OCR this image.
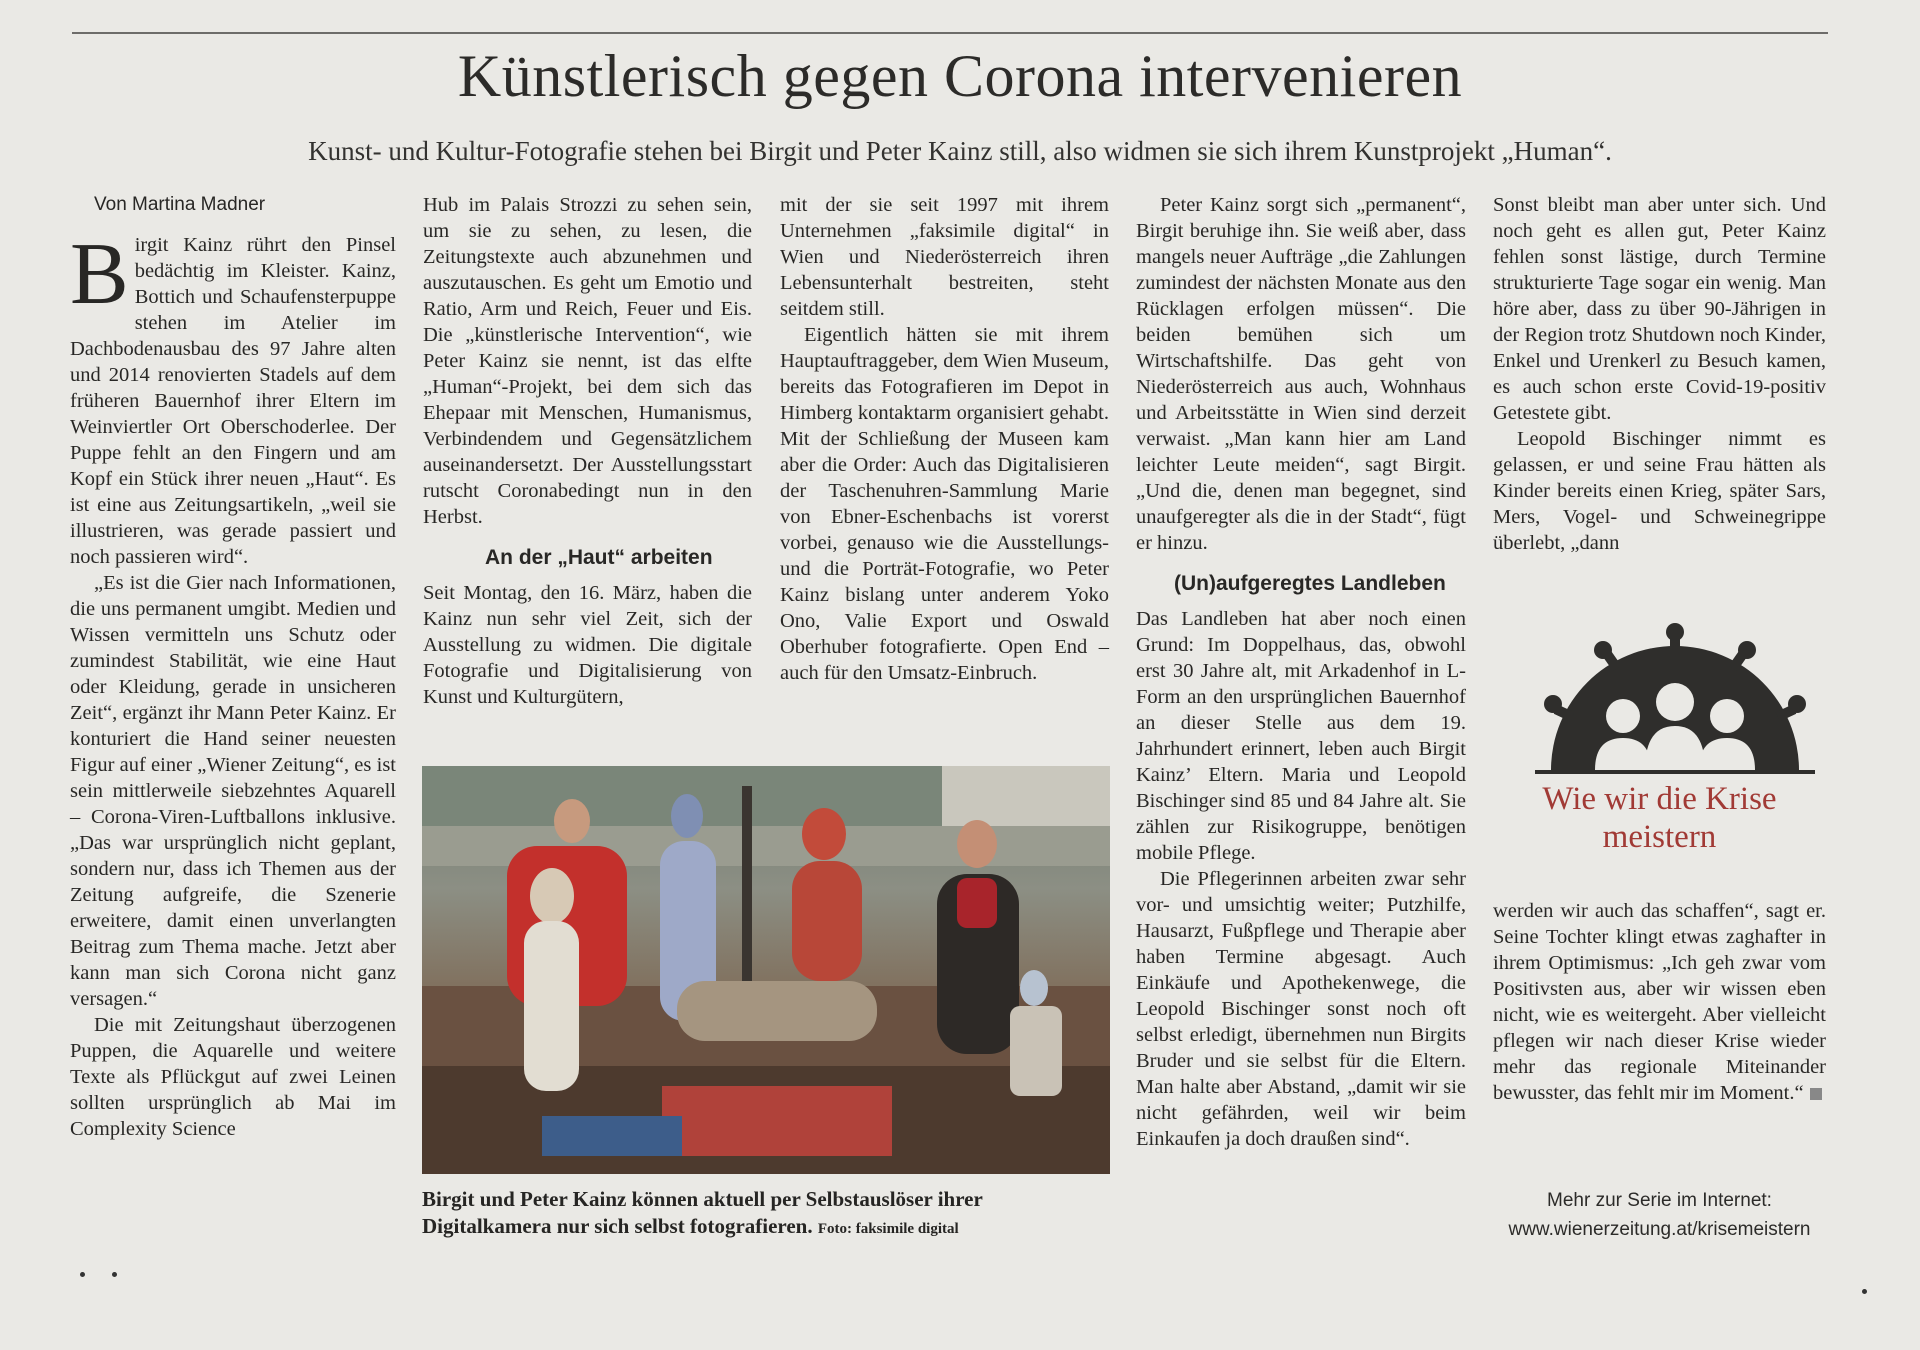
Künstlerisch gegen Corona intervenieren
Kunst- und Kultur-Fotografie stehen bei Birgit und Peter Kainz still, also widmen sie sich ihrem Kunstprojekt „Human“.

Von Martina Madner

Birgit Kainz rührt den Pinsel bedächtig im Kleister. Kainz, Bottich und Schaufensterpuppe stehen im Atelier im Dachbodenausbau des 97 Jahre alten und 2014 renovierten Stadels auf dem früheren Bauernhof ihrer Eltern im Weinviertler Ort Oberschoderlee. Der Puppe fehlt an den Fingern und am Kopf ein Stück ihrer neuen „Haut“. Es ist eine aus Zeitungsartikeln, „weil sie illustrieren, was gerade passiert und noch passieren wird“.

„Es ist die Gier nach Informationen, die uns permanent umgibt. Medien und Wissen vermitteln uns Schutz oder zumindest Stabilität, wie eine Haut oder Kleidung, gerade in unsicheren Zeit“, ergänzt ihr Mann Peter Kainz. Er konturiert die Hand seiner neuesten Figur auf einer „Wiener Zeitung“, es ist sein mittlerweile siebzehntes Aquarell – Corona-Viren-Luftballons inklusive. „Das war ursprünglich nicht geplant, sondern nur, dass ich Themen aus der Zeitung aufgreife, die Szenerie erweitere, damit einen unverlangten Beitrag zum Thema mache. Jetzt aber kann man sich Corona nicht ganz versagen.“

Die mit Zeitungshaut überzogenen Puppen, die Aquarelle und weitere Texte als Pflückgut auf zwei Leinen sollten ursprünglich ab Mai im Complexity Science

Hub im Palais Strozzi zu sehen sein, um sie zu sehen, zu lesen, die Zeitungstexte auch abzunehmen und auszutauschen. Es geht um Emotio und Ratio, Arm und Reich, Feuer und Eis. Die „künstlerische Intervention“, wie Peter Kainz sie nennt, ist das elfte „Human“-Projekt, bei dem sich das Ehepaar mit Menschen, Humanismus, Verbindendem und Gegensätzlichem auseinandersetzt. Der Ausstellungsstart rutscht Coronabedingt nun in den Herbst.

An der „Haut“ arbeiten

Seit Montag, den 16. März, haben die Kainz nun sehr viel Zeit, sich der Ausstellung zu widmen. Die digitale Fotografie und Digitalisierung von Kunst und Kulturgütern,

mit der sie seit 1997 mit ihrem Unternehmen „faksimile digital“ in Wien und Niederösterreich ihren Lebensunterhalt bestreiten, steht seitdem still.

Eigentlich hätten sie mit ihrem Hauptauftraggeber, dem Wien Museum, bereits das Fotografieren im Depot in Himberg kontaktarm organisiert gehabt. Mit der Schließung der Museen kam aber die Order: Auch das Digitalisieren der Taschenuhren-Sammlung Marie von Ebner-Eschenbachs ist vorerst vorbei, genauso wie die Ausstellungs- und die Porträt-Fotografie, wo Peter Kainz bislang unter anderem Yoko Ono, Valie Export und Oswald Oberhuber fotografierte. Open End – auch für den Umsatz-Einbruch.

Birgit und Peter Kainz können aktuell per Selbstauslöser ihrer Digitalkamera nur sich selbst fotografieren. Foto: faksimile digital

Peter Kainz sorgt sich „permanent“, Birgit beruhige ihn. Sie weiß aber, dass mangels neuer Aufträge „die Zahlungen zumindest der nächsten Monate aus den Rücklagen erfolgen müssen“. Die beiden bemühen sich um Wirtschaftshilfe. Das geht von Niederösterreich aus auch, Wohnhaus und Arbeitsstätte in Wien sind derzeit verwaist. „Man kann hier am Land leichter Leute meiden“, sagt Birgit. „Und die, denen man begegnet, sind unaufgeregter als die in der Stadt“, fügt er hinzu.

(Un)aufgeregtes Landleben

Das Landleben hat aber noch einen Grund: Im Doppelhaus, das, obwohl erst 30 Jahre alt, mit Arkadenhof in L-Form an den ursprünglichen Bauernhof an dieser Stelle aus dem 19. Jahrhundert erinnert, leben auch Birgit Kainz’ Eltern. Maria und Leopold Bischinger sind 85 und 84 Jahre alt. Sie zählen zur Risikogruppe, benötigen mobile Pflege.

Die Pflegerinnen arbeiten zwar sehr vor- und umsichtig weiter; Putzhilfe, Hausarzt, Fußpflege und Therapie aber haben Termine abgesagt. Auch Einkäufe und Apothekenwege, die Leopold Bischinger sonst noch oft selbst erledigt, übernehmen nun Birgits Bruder und sie selbst für die Eltern. Man halte aber Abstand, „damit wir sie nicht gefährden, weil wir beim Einkaufen ja doch draußen sind“.

Sonst bleibt man aber unter sich. Und noch geht es allen gut, Peter Kainz fehlen sonst lästige, durch Termine strukturierte Tage sogar ein wenig. Man höre aber, dass zu über 90-Jährigen in der Region trotz Shutdown noch Kinder, Enkel und Urenkerl zu Besuch kamen, es auch schon erste Covid-19-positiv Getestete gibt.

Leopold Bischinger nimmt es gelassen, er und seine Frau hätten als Kinder bereits einen Krieg, später Sars, Mers, Vogel- und Schweinegrippe überlebt, „dann

Wie wir die Krise meistern

werden wir auch das schaffen“, sagt er. Seine Tochter klingt etwas zaghafter in ihrem Optimismus: „Ich geh zwar vom Positivsten aus, aber wir wissen eben nicht, wie es weitergeht. Aber vielleicht pflegen wir nach dieser Krise wieder mehr das regionale Miteinander bewusster, das fehlt mir im Moment.“

Mehr zur Serie im Internet:
www.wienerzeitung.at/krisemeistern
